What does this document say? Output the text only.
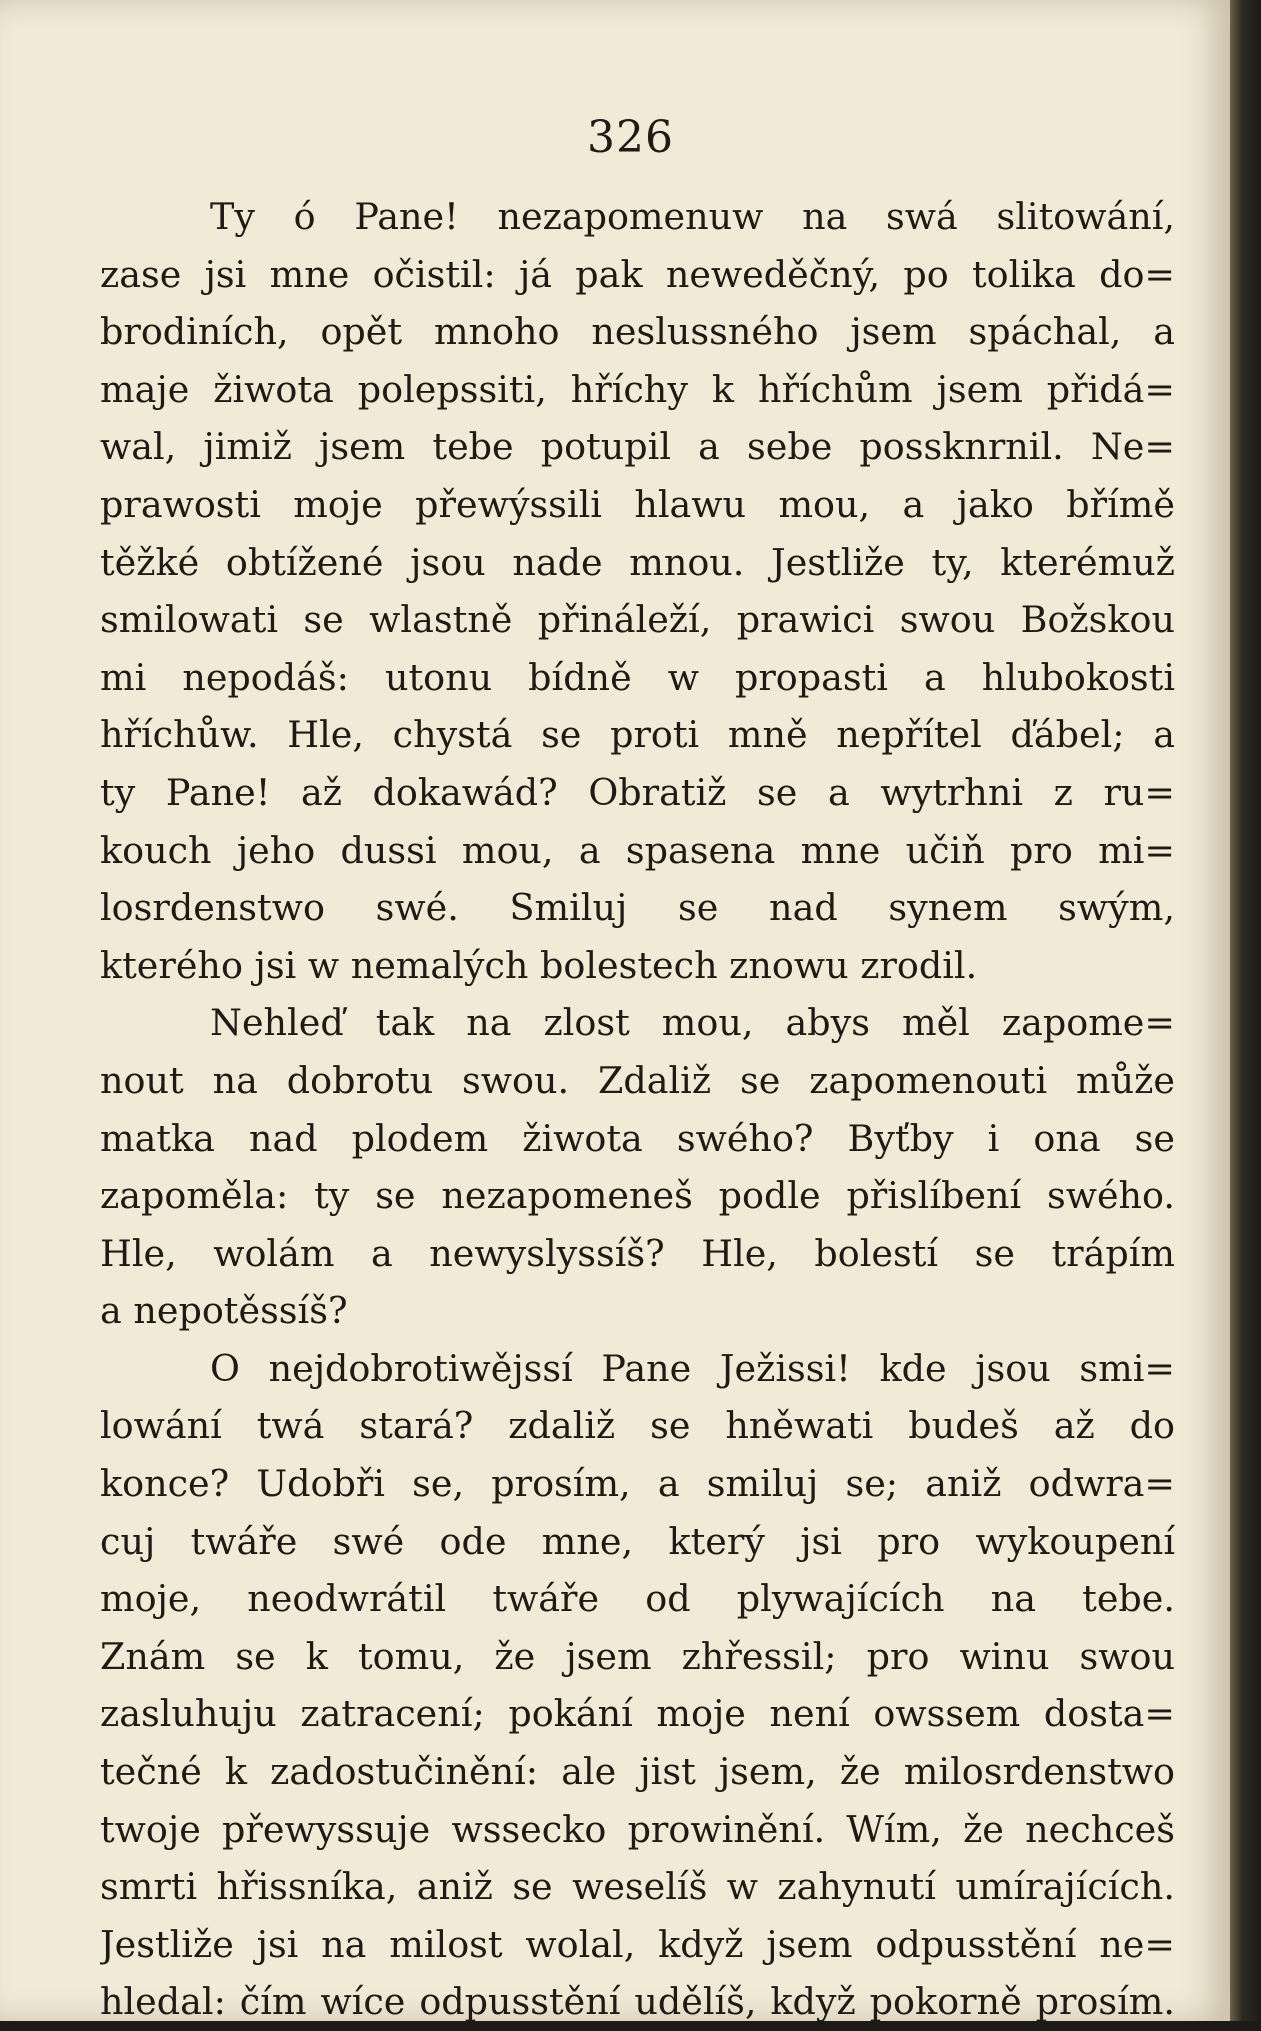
326
Ty ó Pane! nezapomenuw na swá slitowání,
zase jsi mne očistil: já pak neweděčný, po tolika do=
brodiních, opět mnoho neslussného jsem spáchal, a
maje žiwota polepssiti, hříchy k hříchům jsem přidá=
wal, jimiž jsem tebe potupil a sebe possknrnil. Ne=
prawosti moje přewýssili hlawu mou, a jako břímě
těžké obtížené jsou nade mnou. Jestliže ty, kterémuž
smilowati se wlastně přináleží, prawici swou Božskou
mi nepodáš: utonu bídně w propasti a hlubokosti
hříchůw. Hle, chystá se proti mně nepřítel ďábel; a
ty Pane! až dokawád? Obratiž se a wytrhni z ru=
kouch jeho dussi mou, a spasena mne učiň pro mi=
losrdenstwo swé. Smiluj se nad synem swým,
kterého jsi w nemalých bolestech znowu zrodil.
Nehleď tak na zlost mou, abys měl zapome=
nout na dobrotu swou. Zdaliž se zapomenouti může
matka nad plodem žiwota swého? Byťby i ona se
zapoměla: ty se nezapomeneš podle přislíbení swého.
Hle, wolám a newyslyssíš? Hle, bolestí se trápím
a nepotěssíš?
O nejdobrotiwějssí Pane Ježissi! kde jsou smi=
lowání twá stará? zdaliž se hněwati budeš až do
konce? Udobři se, prosím, a smiluj se; aniž odwra=
cuj twáře swé ode mne, který jsi pro wykoupení
moje, neodwrátil twáře od plywajících na tebe.
Znám se k tomu, že jsem zhřessil; pro winu swou
zasluhuju zatracení; pokání moje není owssem dosta=
tečné k zadostučinění: ale jist jsem, že milosrdenstwo
twoje přewyssuje wssecko prowinění. Wím, že nechceš
smrti hřissníka, aniž se weselíš w zahynutí umírajících.
Jestliže jsi na milost wolal, když jsem odpusstění ne=
hledal: čím wíce odpusstění udělíš, když pokorně prosím.
